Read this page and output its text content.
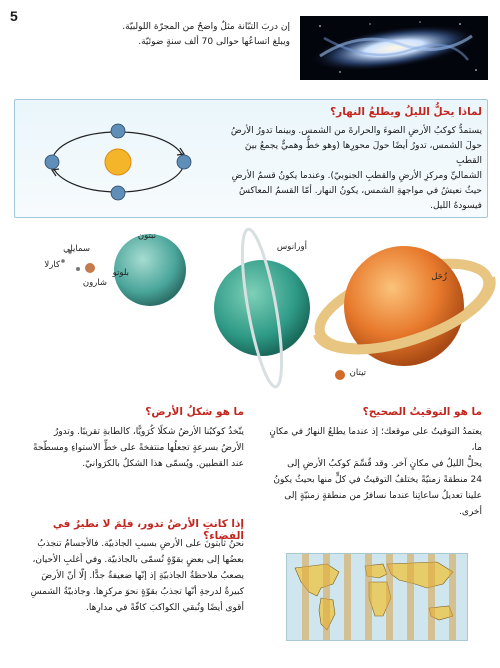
5
إن دربَ التبّانة مثلٌ واضحٌ من المجرّة اللولبيّة.
ويبلغ اتساعُها حوالى 70 ألف سنةٍ ضوئيّة.
لماذا يحلُّ الليلُ ويطلعُ النهار؟
يستمدُّ كوكبُ الأرضِ الضوءَ والحرارةَ من الشمس. وبينما تدورُ الأرضُ
حولَ الشمس، تدورُ أيضًا حولَ محورِها (وهو خطٌّ وهميٌّ يجمعُ بينَ القطبِ
الشماليِّ ومركزِ الأرضِ والقطبِ الجنوبيّ). وعندما يكونُ قسمُ الأرضِ
حيثُ نعيشُ في مواجهةِ الشمس، يكونُ النهار. أمّا القسمُ المعاكسُ
فيسودهُ الليل.
زُحَل
تيتان
أورانوس
نبتون
بلوتو
شارون
كارلا
سمايلي
ما هو التوقيتُ الصحيح؟
يعتمدُ التوقيتُ على موقعك؛ إذ عندما يطلعُ النهارُ في مكانٍ ما،
يحلُّ الليلُ في مكانٍ آخر. وقد قُسِّمَ كوكبُ الأرضِ إلى
24 منطقةً زمنيّةً يختلفُ التوقيتُ في كلٍّ منها بحيثُ يكونُ
علينا تعديلُ ساعاتِنا عندما نسافرُ من منطقةٍ زمنيّةٍ إلى أخرى.
ما هو شكلُ الأرض؟
يتّخذُ كوكبُنا الأرضُ شكلًا كُرَويًّا، كالطابةِ تقريبًا. وتدورُ
الأرضُ بسرعةٍ تجعلُها منتفخةً على خطِّ الاستواءِ ومسطّحةً
عند القطبين. ويُسمّى هذا الشكلُ بالكرَوانيّ.
إذا كانتِ الأرضُ تدور، فلِمَ لا نطيرُ في الفضاء؟
نحنُ ثابتونَ على الأرضِ بسببِ الجاذبيّة. فالأجسامُ تنجذبُ
بعضُها إلى بعضٍ بقوّةٍ تُسمّى بالجاذبيّة. وفي أغلبِ الأحيان،
يصعبُ ملاحظةُ الجاذبيّةِ إذ إنّها ضعيفةٌ جدًّا. إلّا أنّ الأرضَ
كبيرةٌ لدرجةِ أنّها تجذبُ بقوّةٍ نحوَ مركزِها. وجاذبيّةُ الشمسِ
أقوى أيضًا وتُبقي الكواكبَ كافّةً في مدارِها.
